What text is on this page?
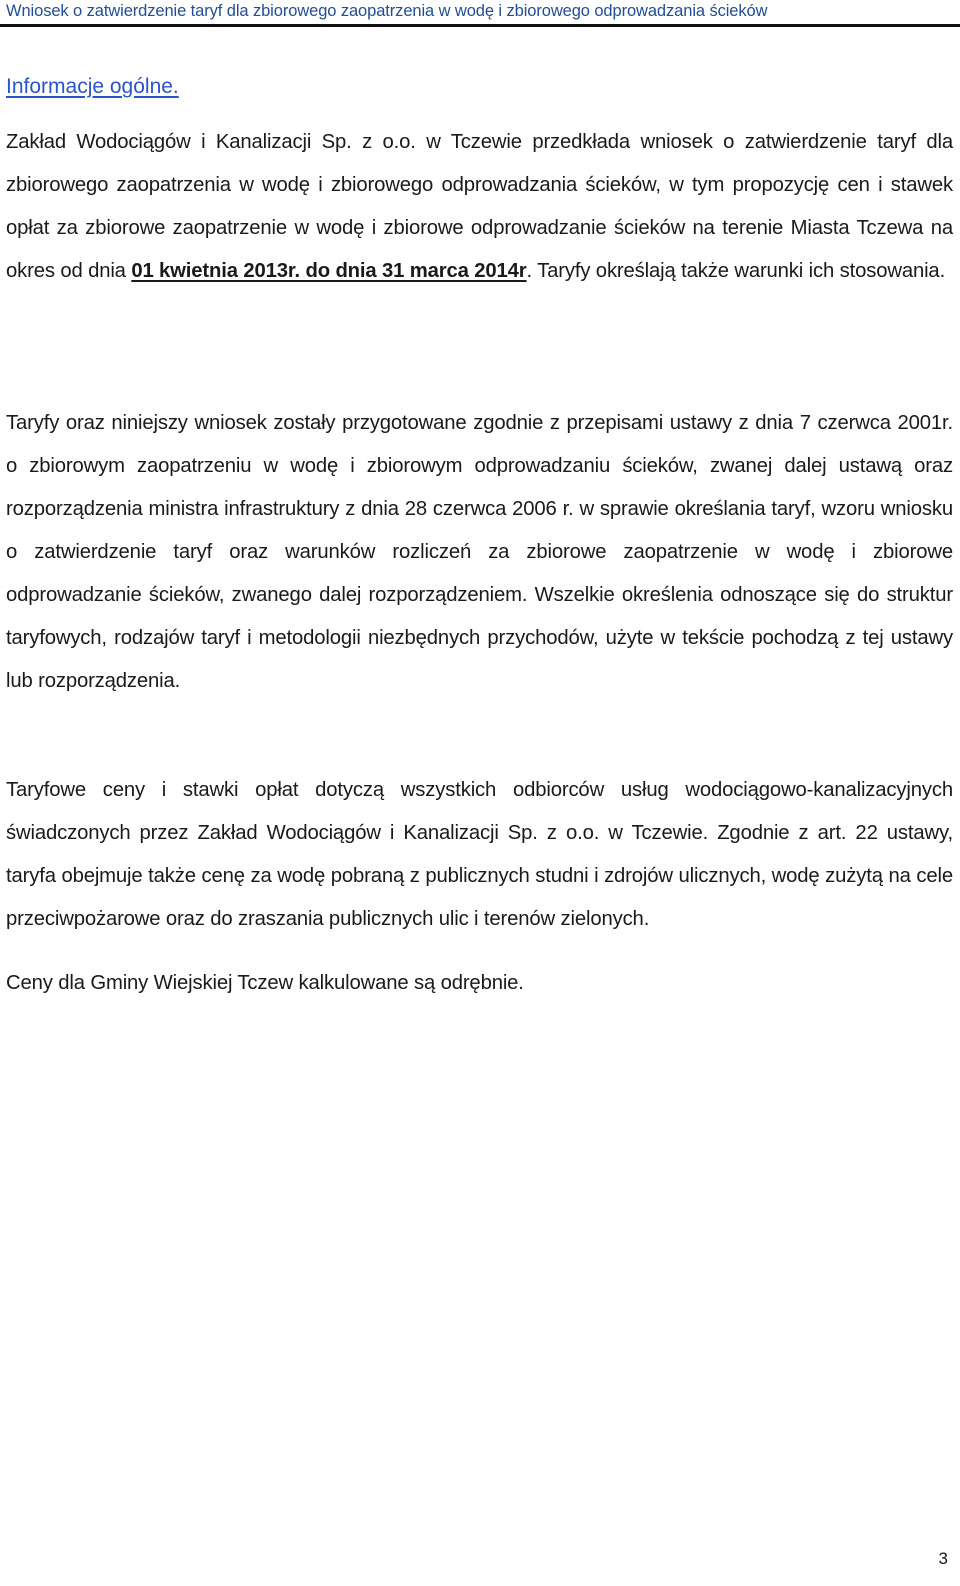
Wniosek o zatwierdzenie taryf dla zbiorowego zaopatrzenia w wodę i zbiorowego odprowadzania ścieków
Informacje ogólne.

Zakład Wodociągów i Kanalizacji Sp. z o.o. w Tczewie przedkłada wniosek o zatwierdzenie taryf dla zbiorowego zaopatrzenia w wodę i zbiorowego odprowadzania ścieków, w tym propozycję cen i stawek opłat za zbiorowe zaopatrzenie w wodę i zbiorowe odprowadzanie ścieków na terenie Miasta Tczewa na okres od dnia 01 kwietnia 2013r. do dnia 31 marca 2014r. Taryfy określają także warunki ich stosowania.

Taryfy oraz niniejszy wniosek zostały przygotowane zgodnie z przepisami ustawy z dnia 7 czerwca 2001r. o zbiorowym zaopatrzeniu w wodę i zbiorowym odprowadzaniu ścieków, zwanej dalej ustawą oraz rozporządzenia ministra infrastruktury z dnia 28 czerwca 2006 r. w sprawie określania taryf, wzoru wniosku o zatwierdzenie taryf oraz warunków rozliczeń za zbiorowe zaopatrzenie w wodę i zbiorowe odprowadzanie ścieków, zwanego dalej rozporządzeniem. Wszelkie określenia odnoszące się do struktur taryfowych, rodzajów taryf i metodologii niezbędnych przychodów, użyte w tekście pochodzą z tej ustawy lub rozporządzenia.

Taryfowe ceny i stawki opłat dotyczą wszystkich odbiorców usług wodociągowo-kanalizacyjnych świadczonych przez Zakład Wodociągów i Kanalizacji Sp. z o.o. w Tczewie. Zgodnie z art. 22 ustawy, taryfa obejmuje także cenę za wodę pobraną z publicznych studni i zdrojów ulicznych, wodę zużytą na cele przeciwpożarowe oraz do zraszania publicznych ulic i terenów zielonych.

Ceny dla Gminy Wiejskiej Tczew kalkulowane są odrębnie.

3
